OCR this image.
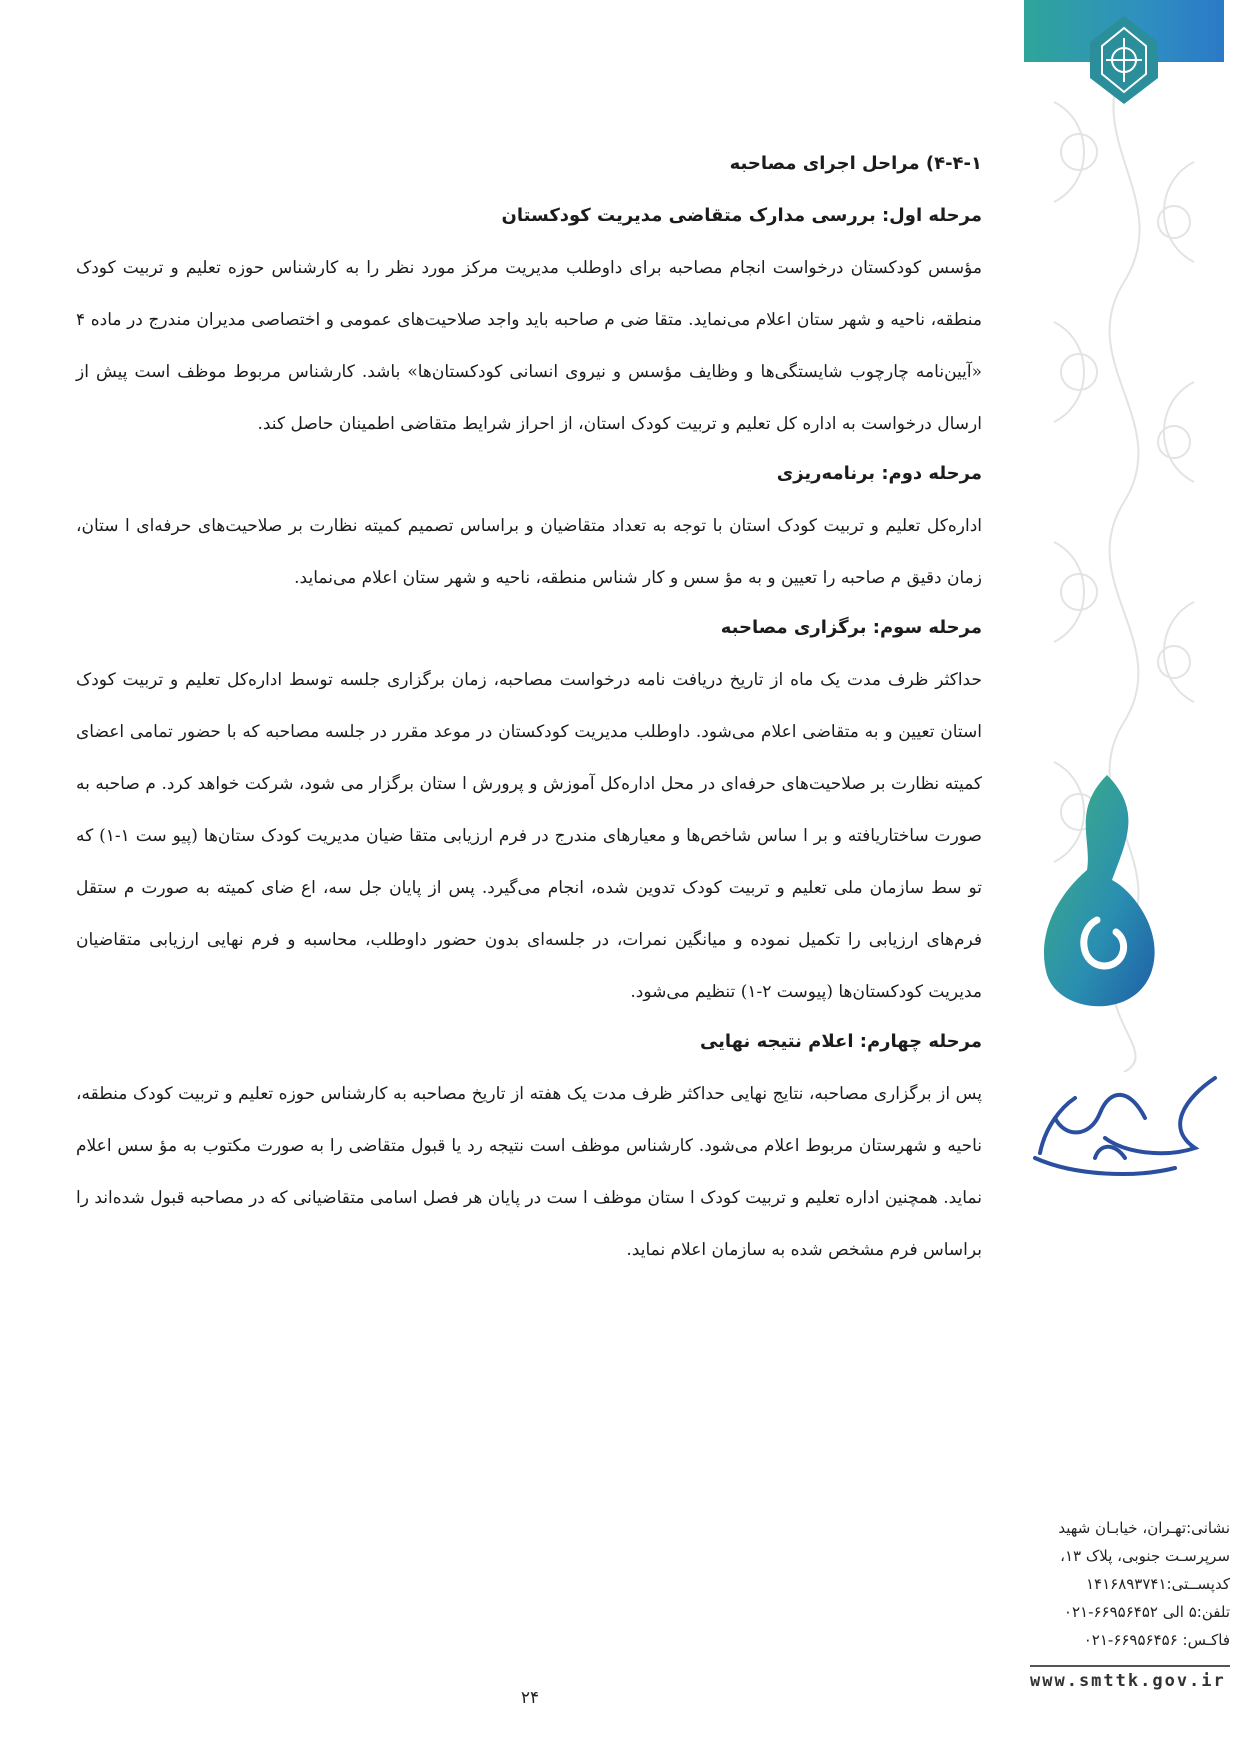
نشانی:تهـران، خیابـان شهید
سرپرسـت جنوبی، پلاک ۱۳،
کدپســتی:۱۴۱۶۸۹۳۷۴۱
تلفن:۵ الی ۶۶۹۵۶۴۵۲-۰۲۱
فاکـس: ۶۶۹۵۶۴۵۶-۰۲۱
www.smttk.gov.ir
۴-۴-۱) مراحل اجرای مصاحبه
مرحله اول: بررسی مدارک متقاضی مدیریت کودکستان

مؤسس کودکستان درخواست انجام مصاحبه برای داوطلب مدیریت مرکز مورد نظر را به کارشناس حوزه تعلیم و تربیت کودک منطقه، ناحیه و شهر ستان اعلام می‌نماید. متقا ضی م صاحبه باید واجد صلاحیت‌های عمومی و اختصاصی مدیران مندرج در ماده ۴ «آیین‌نامه چارچوب شایستگی‌ها و وظایف مؤسس و نیروی انسانی کودکستان‌ها» باشد. کارشناس مربوط موظف است پیش از ارسال درخواست به اداره کل تعلیم و تربیت کودک استان، از احراز شرایط متقاضی اطمینان حاصل کند.

مرحله دوم: برنامه‌ریزی

اداره‌کل تعلیم و تربیت کودک استان با توجه به تعداد متقاضیان و براساس تصمیم کمیته نظارت بر صلاحیت‌های حرفه‌ای ا ستان، زمان دقیق م صاحبه را تعیین و به مؤ سس و کار شناس منطقه، ناحیه و شهر ستان اعلام می‌نماید.

مرحله سوم: برگزاری مصاحبه

حداکثر ظرف مدت یک ماه از تاریخ دریافت نامه درخواست مصاحبه، زمان برگزاری جلسه توسط اداره‌کل تعلیم و تربیت کودک استان تعیین و به متقاضی اعلام می‌شود. داوطلب مدیریت کودکستان در موعد مقرر در جلسه مصاحبه که با حضور تمامی اعضای کمیته نظارت بر صلاحیت‌های حرفه‌ای در محل اداره‌کل آموزش و پرورش ا ستان برگزار می شود، شرکت خواهد کرد. م صاحبه به صورت ساختاریافته و بر ا ساس شاخص‌ها و معیارهای مندرج در فرم ارزیابی متقا ضیان مدیریت کودک ستان‌ها (پیو ست ۱-۱) که تو سط سازمان ملی تعلیم و تربیت کودک تدوین شده، انجام می‌گیرد. پس از پایان جل سه، اع ضای کمیته به صورت م ستقل فرم‌های ارزیابی را تکمیل نموده و میانگین نمرات، در جلسه‌ای بدون حضور داوطلب، محاسبه و فرم نهایی ارزیابی متقاضیان مدیریت کودکستان‌ها (پیوست ۲-۱) تنظیم می‌شود.

مرحله چهارم: اعلام نتیجه نهایی

پس از برگزاری مصاحبه، نتایج نهایی حداکثر ظرف مدت یک هفته از تاریخ مصاحبه به کارشناس حوزه تعلیم و تربیت کودک منطقه، ناحیه و شهرستان مربوط اعلام می‌شود. کارشناس موظف است نتیجه رد یا قبول متقاضی را به صورت مکتوب به مؤ سس اعلام نماید. همچنین اداره تعلیم و تربیت کودک ا ستان موظف ا ست در پایان هر فصل اسامی متقاضیانی که در مصاحبه قبول شده‌اند را براساس فرم مشخص شده به سازمان اعلام نماید.

۲۴
